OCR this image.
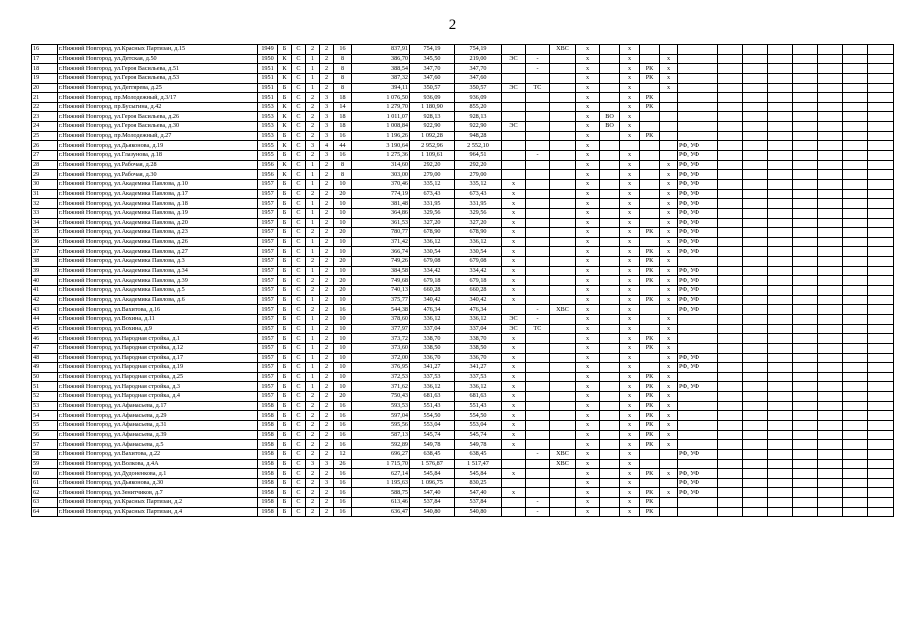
2
16	г.Нижний Новгород, ул.Красных Партизан, д.15	1949	Б	С	2	2	16	837,91	754,19	754,19			ХВС	x		x										
17	г.Нижний Новгород, ул.Детская, д.50	1950	К	С	1	2	8	386,70	345,50	219,00	ЭС	-		x		x		x								
18	г.Нижний Новгород, ул.Героя Васильева, д.51	1951	К	С	1	2	8	388,54	347,70	347,70		-		x		x	РК	x								
19	г.Нижний Новгород, ул.Героя Васильева, д.53	1951	К	С	1	2	8	387,32	347,60	347,60				x		x	РК	x								
20	г.Нижний Новгород, ул.Деггярева, д.25	1951	Б	С	1	2	8	394,11	350,57	350,57	ЭС	ТС		x		x		x								
21	г.Нижний Новгород, пр.Молодежный, д.3/17	1951	Б	С	2	3	18	1 076,50	936,09	936,09				x		x	РК									
22	г.Нижний Новгород, пр.Бусыгина, д.42	1953	К	С	2	3	14	1 279,70	1 180,90	855,20				x		x	РК									
23	г.Нижний Новгород, ул.Героя Васильева, д.26	1953	К	С	2	3	18	1 011,07	928,13	928,13				x	ВО	x										
24	г.Нижний Новгород, ул.Героя Васильева, д.30	1953	К	С	2	3	18	1 008,84	922,90	922,90	ЭС			x	ВО	x										
25	г.Нижний Новгород, пр.Молодежный, д.27	1953	Б	С	2	3	16	1 196,26	1 092,28	948,28				x		x	РК									
26	г.Нижний Новгород, ул.Дьяконова, д.19	1955	К	С	3	4	44	3 190,64	2 952,96	2 552,10				x					РФ, УФ							
27	г.Нижний Новгород, ул.Глазунова, д.18	1955	Б	С	2	3	16	1 275,36	1 109,61	964,51		-		x		x			РФ, УФ							
28	г.Нижний Новгород, ул.Рабочая, д.28	1956	К	С	1	2	8	314,60	292,20	292,20				x		x		x	РФ, УФ							
29	г.Нижний Новгород, ул.Рабочая, д.30	1956	К	С	1	2	8	303,00	279,00	279,00				x		x		x	РФ, УФ							
30	г.Нижний Новгород, ул.Академика Павлова, д.10	1957	Б	С	1	2	10	370,46	335,12	335,12	x			x		x		x	РФ, УФ							
31	г.Нижний Новгород, ул.Академика Павлова, д.17	1957	Б	С	2	2	20	774,19	673,43	673,43	x			x		x		x	РФ, УФ							
32	г.Нижний Новгород, ул.Академика Павлова, д.18	1957	Б	С	1	2	10	381,48	331,95	331,95	x			x		x		x	РФ, УФ							
33	г.Нижний Новгород, ул.Академика Павлова, д.19	1957	Б	С	1	2	10	364,86	329,56	329,56	x			x		x		x	РФ, УФ							
34	г.Нижний Новгород, ул.Академика Павлова, д.20	1957	Б	С	1	2	10	361,53	327,20	327,20	x			x		x		x	РФ, УФ							
35	г.Нижний Новгород, ул.Академика Павлова, д.23	1957	Б	С	2	2	20	780,77	678,90	678,90	x			x		x	РК	x	РФ, УФ							
36	г.Нижний Новгород, ул.Академика Павлова, д.26	1957	Б	С	1	2	10	371,42	336,12	336,12	x			x		x		x	РФ, УФ							
37	г.Нижний Новгород, ул.Академика Павлова, д.27	1957	Б	С	1	2	10	366,74	330,54	330,54	x			x		x	РК	x	РФ, УФ							
38	г.Нижний Новгород, ул.Академика Павлова, д.3	1957	Б	С	2	2	20	749,26	679,08	679,08	x			x		x	РК	x								
39	г.Нижний Новгород, ул.Академика Павлова, д.34	1957	Б	С	1	2	10	384,58	334,42	334,42	x			x		x	РК	x	РФ, УФ							
40	г.Нижний Новгород, ул.Академика Павлова, д.39	1957	Б	С	2	2	20	749,68	679,18	679,18	x			x		x	РК	x	РФ, УФ							
41	г.Нижний Новгород, ул.Академика Павлова, д.5	1957	Б	С	2	2	20	740,13	660,28	660,28	x			x		x		x	РФ, УФ							
42	г.Нижний Новгород, ул.Академика Павлова, д.6	1957	Б	С	1	2	10	375,77	340,42	340,42	x			x		x	РК	x	РФ, УФ							
43	г.Нижний Новгород, ул.Вахитова, д.16	1957	Б	С	2	2	16	544,38	476,34	476,34		-	ХВС	x		x			РФ, УФ							
44	г.Нижний Новгород, ул.Вохина, д.11	1957	Б	С	1	2	10	378,60	336,12	336,12	ЭС	-		x		x		x								
45	г.Нижний Новгород, ул.Вохина, д.9	1957	Б	С	1	2	10	377,97	337,04	337,04	ЭС	ТС		x		x		x								
46	г.Нижний Новгород, ул.Народная стройка, д.1	1957	Б	С	1	2	10	373,72	338,70	338,70	x			x		x	РК	x								
47	г.Нижний Новгород, ул.Народная стройка, д.12	1957	Б	С	1	2	10	373,60	338,50	338,50	x			x		x	РК	x								
48	г.Нижний Новгород, ул.Народная стройка, д.17	1957	Б	С	1	2	10	372,00	336,70	336,70	x			x		x		x	РФ, УФ							
49	г.Нижний Новгород, ул.Народная стройка, д.19	1957	Б	С	1	2	10	376,95	341,27	341,27	x			x		x		x	РФ, УФ							
50	г.Нижний Новгород, ул.Народная стройка, д.25	1957	Б	С	1	2	10	372,53	337,53	337,53	x			x		x	РК	x								
51	г.Нижний Новгород, ул.Народная стройка, д.3	1957	Б	С	1	2	10	371,62	336,12	336,12	x			x		x	РК	x	РФ, УФ							
52	г.Нижний Новгород, ул.Народная стройка, д.4	1957	Б	С	2	2	20	750,43	681,63	681,63	x			x		x	РК	x								
53	г.Нижний Новгород, ул.Афанасьева, д.17	1958	Б	С	2	2	16	593,53	551,43	551,43	x			x		x	РК	x								
54	г.Нижний Новгород, ул.Афанасьева, д.29	1958	Б	С	2	2	16	597,04	554,50	554,50	x			x		x	РК	x								
55	г.Нижний Новгород, ул.Афанасьева, д.31	1958	Б	С	2	2	16	595,56	553,04	553,04	x			x		x	РК	x								
56	г.Нижний Новгород, ул.Афанасьева, д.39	1958	Б	С	2	2	16	587,13	545,74	545,74	x			x		x	РК	x								
57	г.Нижний Новгород, ул.Афанасьева, д.5	1958	Б	С	2	2	16	592,89	549,78	549,78	x			x		x	РК	x								
58	г.Нижний Новгород, ул.Вахитова, д.22	1958	Б	С	2	2	12	696,27	638,45	638,45		-	ХВС	x		x			РФ, УФ							
59	г.Нижний Новгород, ул.Волкова, д.4А	1958	Б	С	3	3	26	1 715,70	1 576,87	1 517,47			ХВС	x		x										
60	г.Нижний Новгород, ул.Дудоненкова, д.1	1958	Б	С	2	2	16	627,14	545,84	545,84	x			x		x	РК	x	РФ, УФ							
61	г.Нижний Новгород, ул.Дьяконова, д.30	1958	Б	С	2	3	16	1 195,63	1 096,75	830,25				x		x			РФ, УФ							
62	г.Нижний Новгород, ул.Зенитчиков, д.7	1958	Б	С	2	2	16	588,75	547,40	547,40	x			x		x	РК	x	РФ, УФ							
63	г.Нижний Новгород, ул.Красных Партизан, д.2	1958	Б	С	2	2	16	613,46	537,84	537,84		-		x		x	РК									
64	г.Нижний Новгород, ул.Красных Партизан, д.4	1958	Б	С	2	2	16	636,47	540,80	540,80		-		x		x	РК									
